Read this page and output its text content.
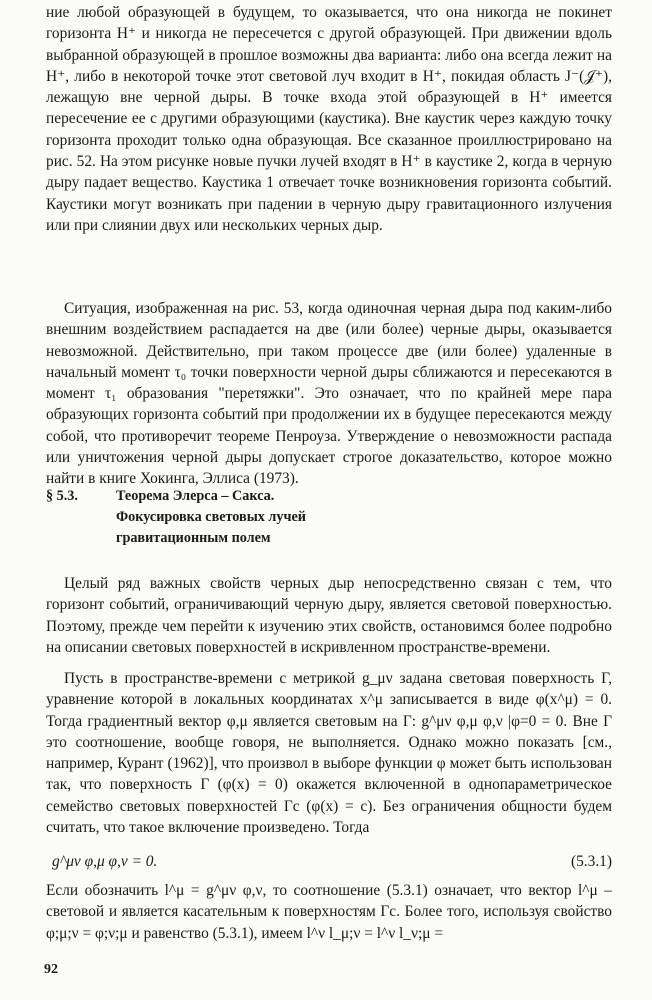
ние любой образующей в будущем, то оказывается, что она никогда не покинет горизонта H⁺ и никогда не пересечется с другой образующей. При движении вдоль выбранной образующей в прошлое возможны два варианта: либо она всегда лежит на H⁺, либо в некоторой точке этот световой луч входит в H⁺, покидая область J⁻(𝒥⁺), лежащую вне черной дыры. В точке входа этой образующей в H⁺ имеется пересечение ее с другими образующими (каустика). Вне каустик через каждую точку горизонта проходит только одна образующая. Все сказанное проиллюстрировано на рис. 52. На этом рисунке новые пучки лучей входят в H⁺ в каустике 2, когда в черную дыру падает вещество. Каустика 1 отвечает точке возникновения горизонта событий. Каустики могут возникать при падении в черную дыру гравитационного излучения или при слиянии двух или нескольких черных дыр.

Ситуация, изображенная на рис. 53, когда одиночная черная дыра под каким-либо внешним воздействием распадается на две (или более) черные дыры, оказывается невозможной. Действительно, при таком процессе две (или более) удаленные в начальный момент τ₀ точки поверхности черной дыры сближаются и пересекаются в момент τ₁ образования "перетяжки". Это означает, что по крайней мере пара образующих горизонта событий при продолжении их в будущее пересекаются между собой, что противоречит теореме Пенроуза. Утверждение о невозможности распада или уничтожения черной дыры допускает строгое доказательство, которое можно найти в книге Хокинга, Эллиса (1973).

§ 5.3.	Теорема Элерса – Сакса.
Фокусировка световых лучей
гравитационным полем

Целый ряд важных свойств черных дыр непосредственно связан с тем, что горизонт событий, ограничивающий черную дыру, является световой поверхностью. Поэтому, прежде чем перейти к изучению этих свойств, остановимся более подробно на описании световых поверхностей в искривленном пространстве-времени.

Пусть в пространстве-времени с метрикой g_μν задана световая поверхность Γ, уравнение которой в локальных координатах x^μ записывается в виде φ(x^μ) = 0. Тогда градиентный вектор φ,μ является световым на Γ: g^μν φ,μ φ,ν |φ=0 = 0. Вне Γ это соотношение, вообще говоря, не выполняется. Однако можно показать [см., например, Курант (1962)], что произвол в выборе функции φ может быть использован так, что поверхность Γ (φ(x) = 0) окажется включенной в однопараметрическое семейство световых поверхностей Γc (φ(x) = c). Без ограничения общности будем считать, что такое включение произведено. Тогда

g^μν φ,μ φ,ν = 0.	(5.3.1)

Если обозначить l^μ = g^μν φ,ν, то соотношение (5.3.1) означает, что вектор l^μ – световой и является касательным к поверхностям Γc. Более того, используя свойство φ;μ;ν = φ;ν;μ и равенство (5.3.1), имеем l^ν l_μ;ν = l^ν l_ν;μ =

92
